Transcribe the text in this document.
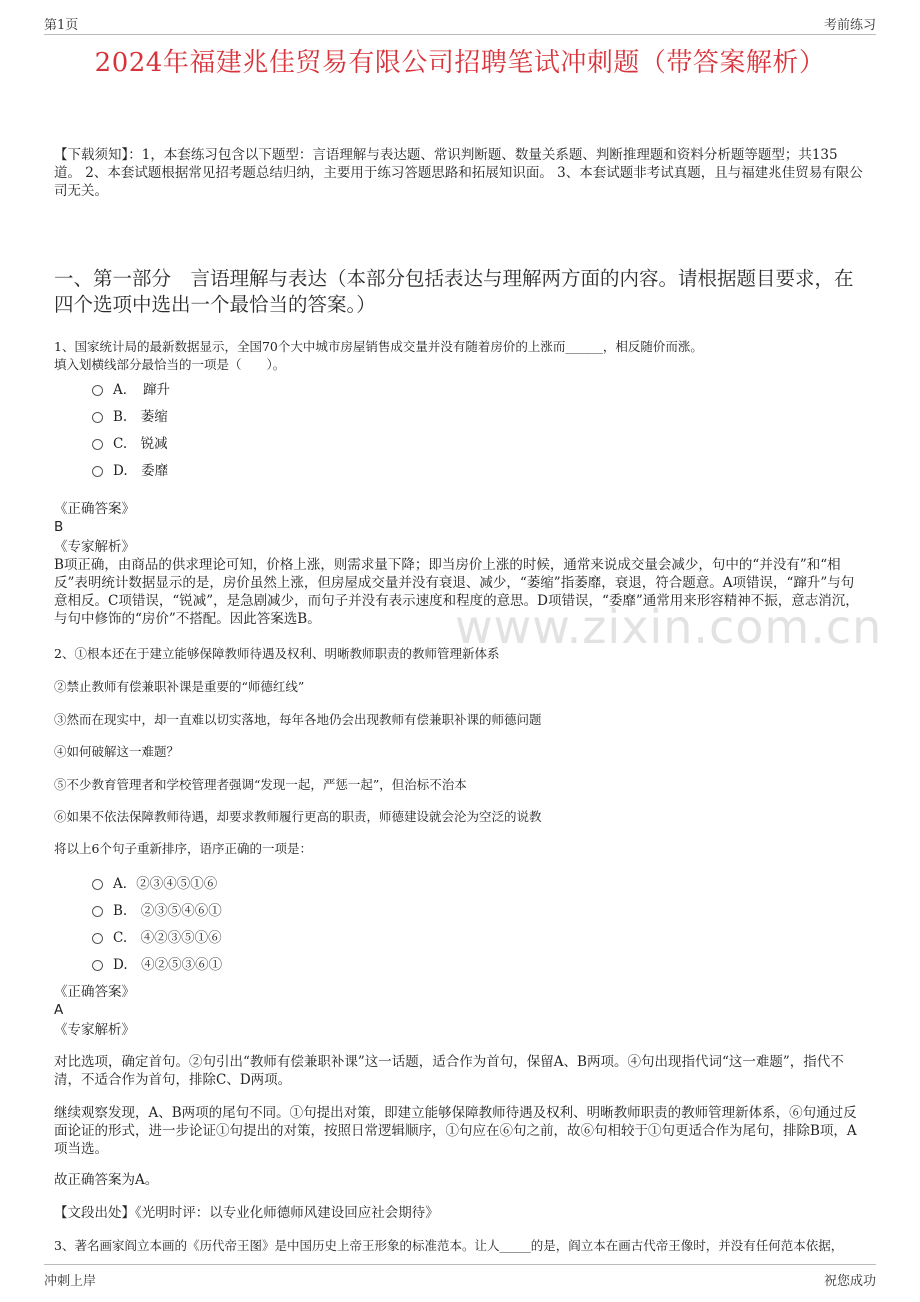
第1页	考前练习
2024年福建兆佳贸易有限公司招聘笔试冲刺题（带答案解析）
【下载须知】：1，本套练习包含以下题型：言语理解与表达题、常识判断题、数量关系题、判断推理题和资料分析题等题型；共135道。 2、本套试题根据常见招考题总结归纳，主要用于练习答题思路和拓展知识面。 3、本套试题非考试真题，且与福建兆佳贸易有限公司无关。
一、第一部分　言语理解与表达（本部分包括表达与理解两方面的内容。请根据题目要求，在四个选项中选出一个最恰当的答案。）
1、国家统计局的最新数据显示，全国70个大中城市房屋销售成交量并没有随着房价的上涨而______，相反随价而涨。
填入划横线部分最恰当的一项是（　　）。
A．　蹿升
B.　萎缩
C.　锐减
D.　委靡
《正确答案》
B
《专家解析》
B项正确，由商品的供求理论可知，价格上涨，则需求量下降；即当房价上涨的时候，通常来说成交量会减少，句中的“并没有”和“相反”表明统计数据显示的是，房价虽然上涨，但房屋成交量并没有衰退、减少，“萎缩”指萎靡，衰退，符合题意。A项错误，“蹿升”与句意相反。C项错误，“锐减”，是急剧减少，而句子并没有表示速度和程度的意思。D项错误，“委靡”通常用来形容精神不振，意志消沉，与句中修饰的“房价”不搭配。因此答案选B。
2、①根本还在于建立能够保障教师待遇及权利、明晰教师职责的教师管理新体系
②禁止教师有偿兼职补课是重要的“师德红线”
③然而在现实中，却一直难以切实落地，每年各地仍会出现教师有偿兼职补课的师德问题
④如何破解这一难题？
⑤不少教育管理者和学校管理者强调“发现一起，严惩一起”，但治标不治本
⑥如果不依法保障教师待遇，却要求教师履行更高的职责，师德建设就会沦为空泛的说教
将以上6个句子重新排序，语序正确的一项是：
A．②③④⑤①⑥
B.　②③⑤④⑥①
C.　④②③⑤①⑥
D.　④②⑤③⑥①
《正确答案》
A
《专家解析》
对比选项，确定首句。②句引出“教师有偿兼职补课”这一话题，适合作为首句，保留A、B两项。④句出现指代词“这一难题”，指代不清，不适合作为首句，排除C、D两项。
继续观察发现，A、B两项的尾句不同。①句提出对策，即建立能够保障教师待遇及权利、明晰教师职责的教师管理新体系，⑥句通过反面论证的形式，进一步论证①句提出的对策，按照日常逻辑顺序，①句应在⑥句之前，故⑥句相较于①句更适合作为尾句，排除B项，A项当选。
故正确答案为A。
【文段出处】《光明时评：以专业化师德师风建设回应社会期待》
3、著名画家阎立本画的《历代帝王图》是中国历史上帝王形象的标准范本。让人_____的是，阎立本在画古代帝王像时，并没有任何范本依据，
www.zixin.com.cn
冲刺上岸	祝您成功
